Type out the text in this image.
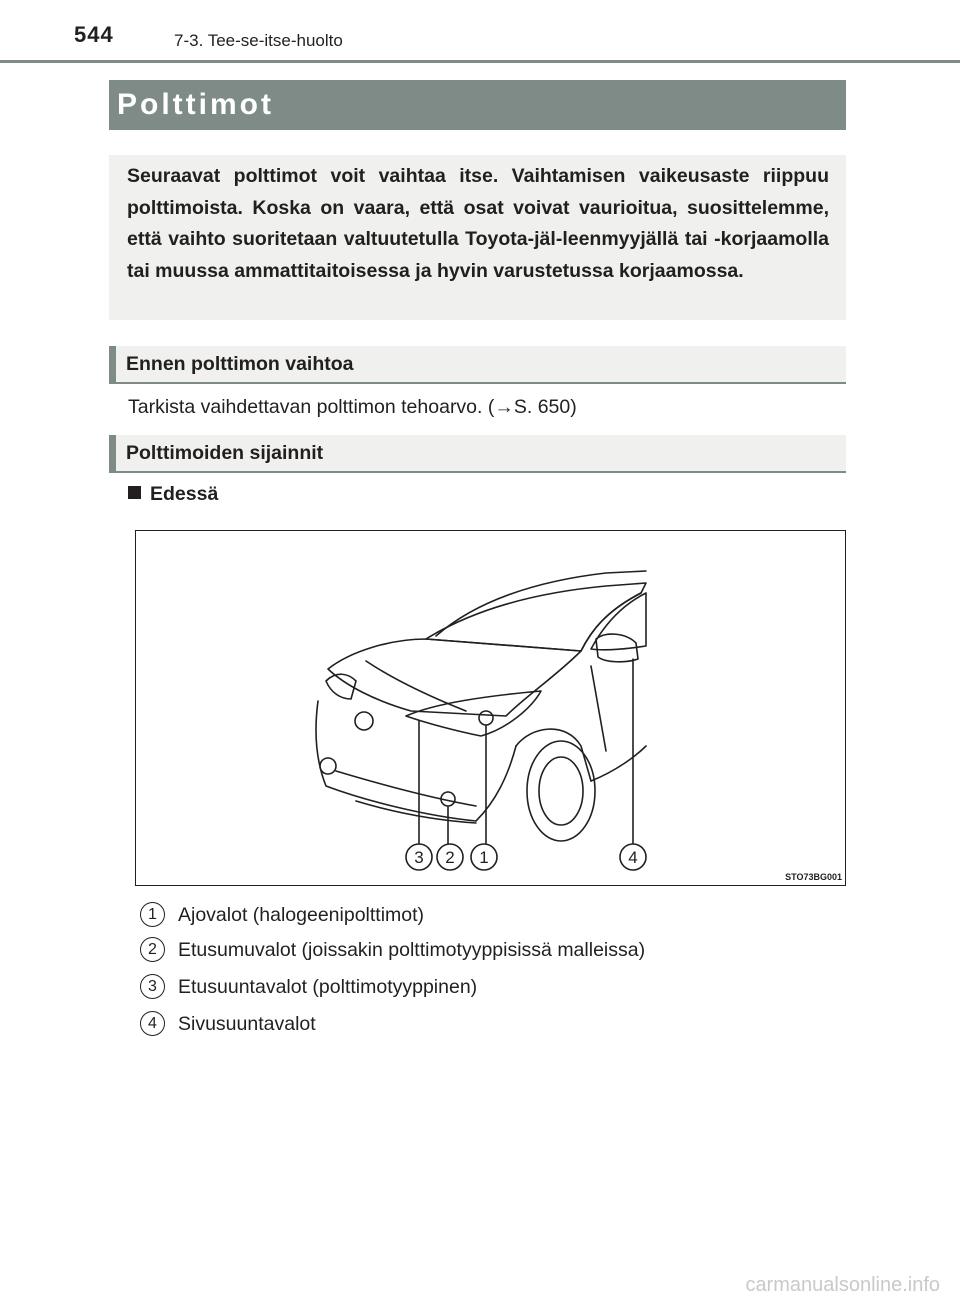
544	7-3. Tee-se-itse-huolto
Polttimot

Seuraavat polttimot voit vaihtaa itse. Vaihtamisen vaikeusaste riippuu polttimoista. Koska on vaara, että osat voivat vaurioitua, suosittelemme, että vaihto suoritetaan valtuutetulla Toyota-jäl-leenmyyjällä tai -korjaamolla tai muussa ammattitaitoisessa ja hyvin varustetussa korjaamossa.

Ennen polttimon vaihtoa
Tarkista vaihdettavan polttimon tehoarvo. (→S. 650)
Polttimoiden sijainnit
Edessä
3 2 1	4
STO73BG001
1	Ajovalot (halogeenipolttimot)
2	Etusumuvalot (joissakin polttimotyyppisissä malleissa)
3	Etusuuntavalot (polttimotyyppinen)
4	Sivusuuntavalot
carmanualsonline.info
